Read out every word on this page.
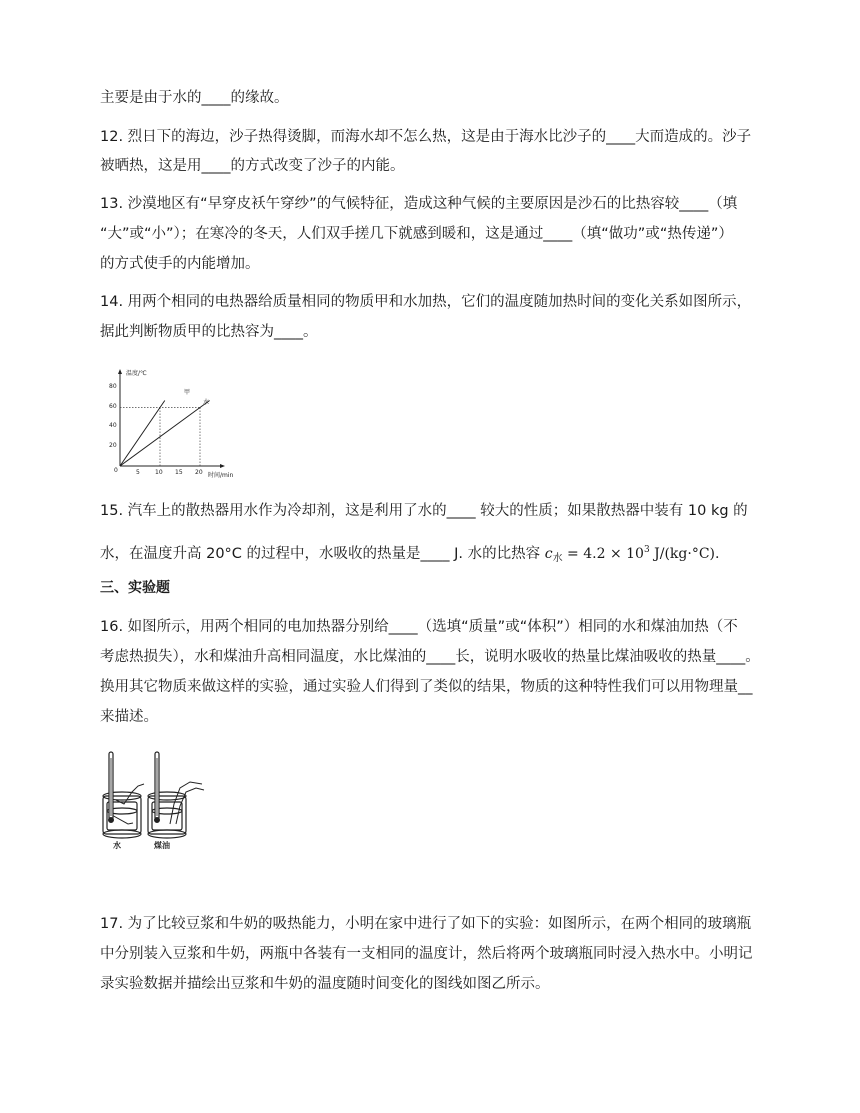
主要是由于水的____的缘故。
12. 烈日下的海边，沙子热得烫脚，而海水却不怎么热，这是由于海水比沙子的____大而造成的。沙子
被晒热，这是用____的方式改变了沙子的内能。
13. 沙漠地区有“早穿皮袄午穿纱”的气候特征，造成这种气候的主要原因是沙石的比热容较____（填
“大”或“小”）；在寒冷的冬天，人们双手搓几下就感到暖和，这是通过____（填“做功”或“热传递”）
的方式使手的内能增加。
14. 用两个相同的电热器给质量相同的物质甲和水加热，它们的温度随加热时间的变化关系如图所示，
据此判断物质甲的比热容为____。
温度/℃
时间/min
0
80
60
40
20
5	10 15 20
甲
水
15. 汽车上的散热器用水作为冷却剂，这是利用了水的____ 较大的性质；如果散热器中装有 10 kg 的
水，在温度升高 20°C 的过程中，水吸收的热量是____ J. 水的比热容 $c_水 = 4.2 \times 10^3$ J/(kg·°C).
三、实验题
16. 如图所示，用两个相同的电加热器分别给____（选填“质量”或“体积”）相同的水和煤油加热（不
考虑热损失），水和煤油升高相同温度，水比煤油的____长，说明水吸收的热量比煤油吸收的热量____。
换用其它物质来做这样的实验，通过实验人们得到了类似的结果，物质的这种特性我们可以用物理量__
来描述。
水	煤油
17. 为了比较豆浆和牛奶的吸热能力，小明在家中进行了如下的实验：如图所示，在两个相同的玻璃瓶
中分别装入豆浆和牛奶，两瓶中各装有一支相同的温度计，然后将两个玻璃瓶同时浸入热水中。小明记
录实验数据并描绘出豆浆和牛奶的温度随时间变化的图线如图乙所示。
